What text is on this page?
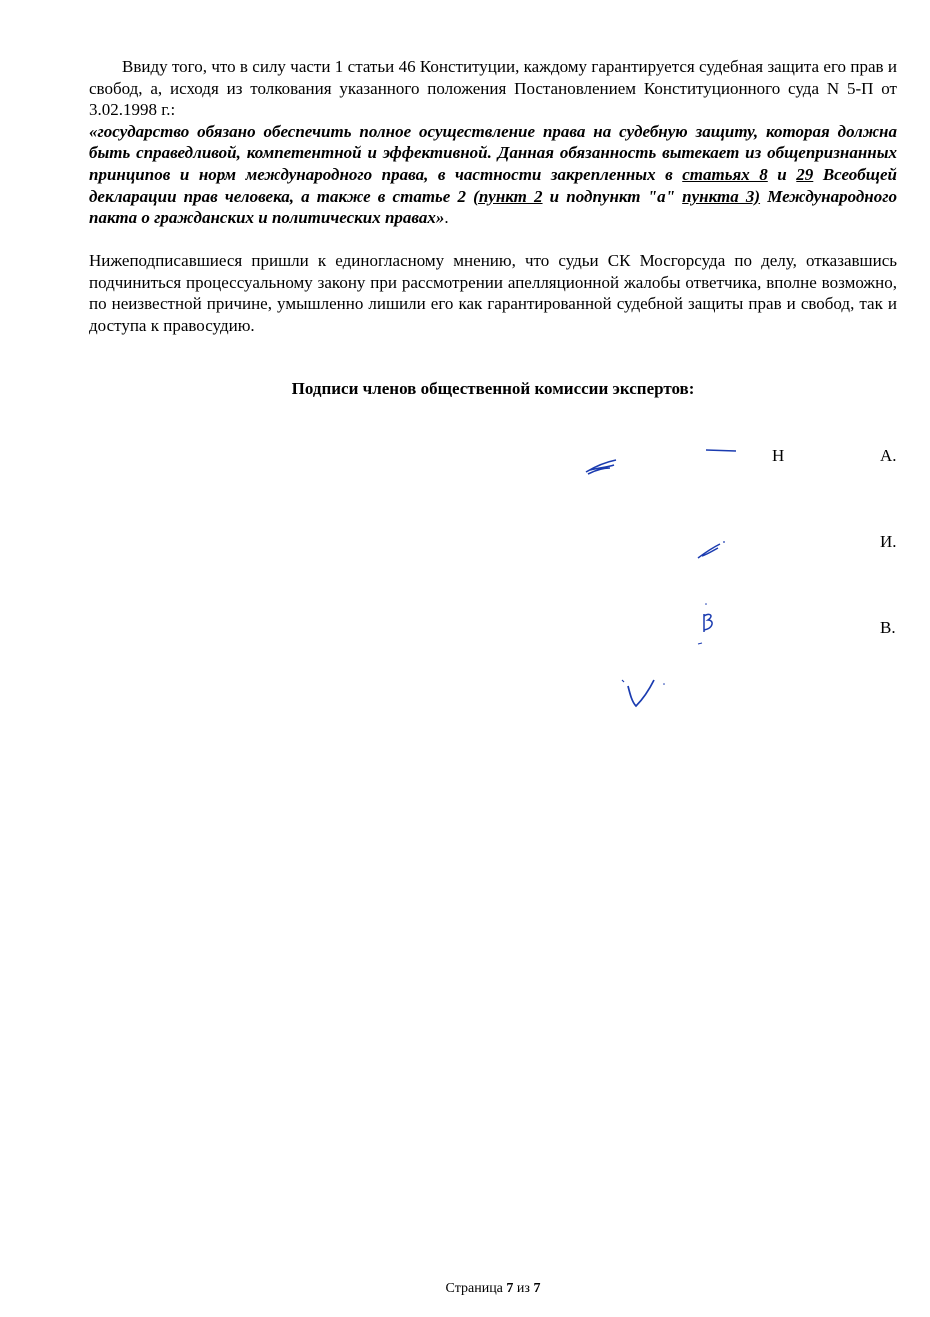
Ввиду того, что в силу части 1 статьи 46 Конституции, каждому гарантируется судебная защита его прав и свобод, а, исходя из толкования указанного положения Постановлением Конституционного суда N 5-П от 3.02.1998 г.:
«государство обязано обеспечить полное осуществление права на судебную защиту, которая должна быть справедливой, компетентной и эффективной. Данная обязанность вытекает из общепризнанных принципов и норм международного права, в частности закрепленных в статьях 8 и 29 Всеобщей декларации прав человека, а также в статье 2 (пункт 2 и подпункт "а" пункта 3) Международного пакта о гражданских и политических правах».
Нижеподписавшиеся пришли к единогласному мнению, что судьи СК Мосгорсуда по делу, отказавшись подчиниться процессуальному закону при рассмотрении апелляционной жалобы ответчика, вполне возможно, по неизвестной причине, умышленно лишили его как гарантированной судебной защиты прав и свобод, так и доступа к правосудию.
Подписи членов общественной комиссии экспертов:
Н	А.
И.
В.
Страница 7 из 7
